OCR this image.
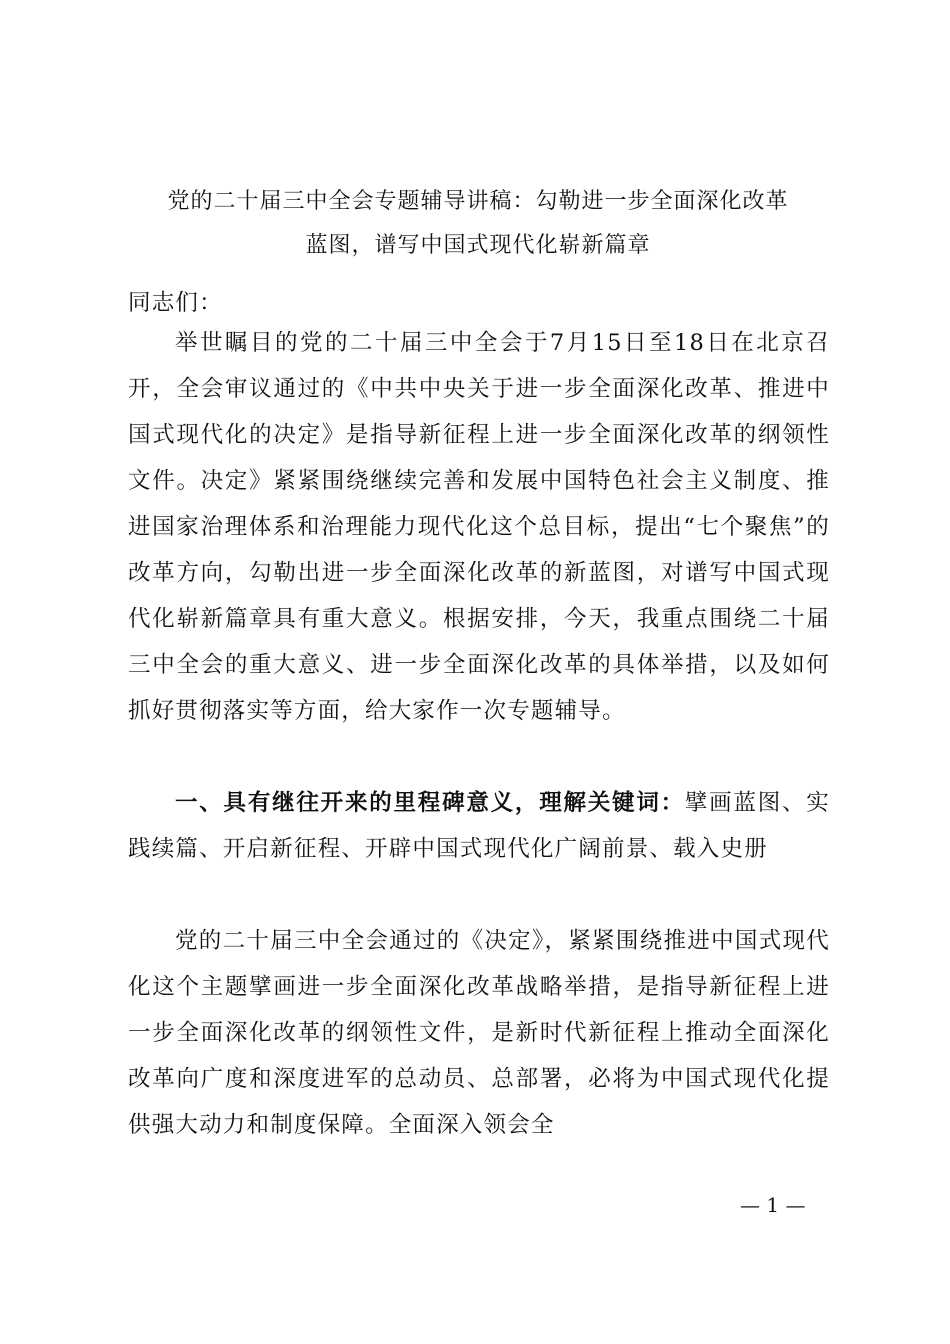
党的二十届三中全会专题辅导讲稿：勾勒进一步全面深化改革
蓝图，谱写中国式现代化崭新篇章
同志们：
举世瞩目的党的二十届三中全会于7月15日至18日在北京召开，全会审议通过的《中共中央关于进一步全面深化改革、推进中国式现代化的决定》是指导新征程上进一步全面深化改革的纲领性文件。决定》紧紧围绕继续完善和发展中国特色社会主义制度、推进国家治理体系和治理能力现代化这个总目标，提出“七个聚焦”的改革方向，勾勒出进一步全面深化改革的新蓝图，对谱写中国式现代化崭新篇章具有重大意义。根据安排，今天，我重点围绕二十届三中全会的重大意义、进一步全面深化改革的具体举措，以及如何抓好贯彻落实等方面，给大家作一次专题辅导。
一、具有继往开来的里程碑意义，理解关键词：擘画蓝图、实践续篇、开启新征程、开辟中国式现代化广阔前景、载入史册
党的二十届三中全会通过的《决定》，紧紧围绕推进中国式现代化这个主题擘画进一步全面深化改革战略举措，是指导新征程上进一步全面深化改革的纲领性文件，是新时代新征程上推动全面深化改革向广度和深度进军的总动员、总部署，必将为中国式现代化提供强大动力和制度保障。全面深入领会全
— 1 —
